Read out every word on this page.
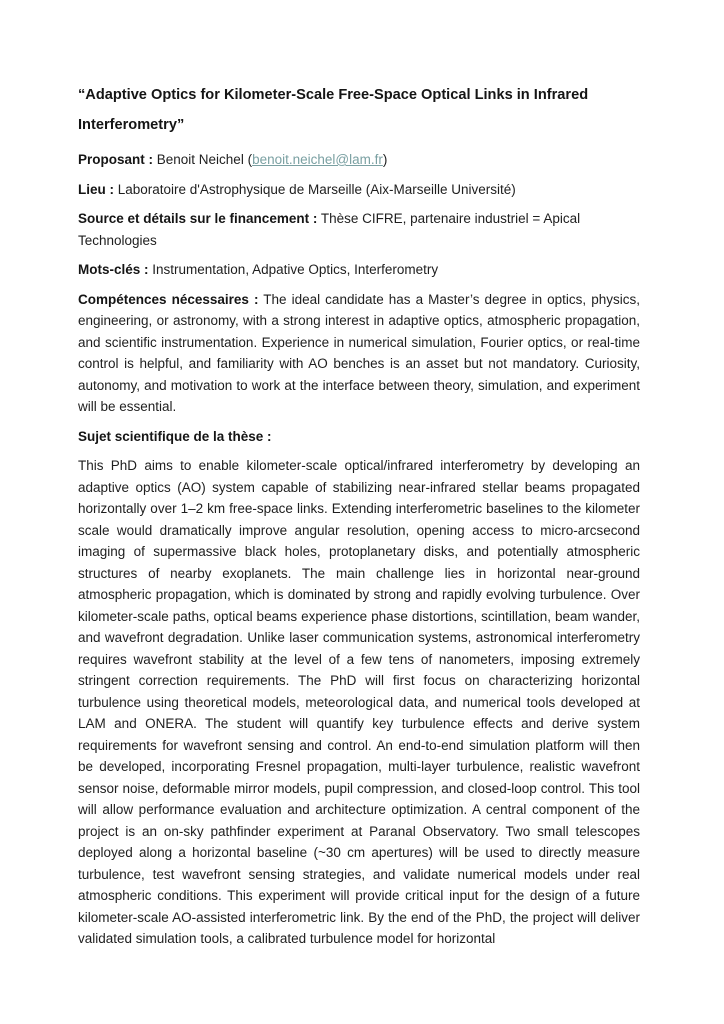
“Adaptive Optics for Kilometer-Scale Free-Space Optical Links in Infrared Interferometry”

Proposant : Benoit Neichel (benoit.neichel@lam.fr)

Lieu : Laboratoire d'Astrophysique de Marseille (Aix-Marseille Université)

Source et détails sur le financement : Thèse CIFRE, partenaire industriel = Apical Technologies

Mots-clés : Instrumentation, Adpative Optics, Interferometry

Compétences nécessaires : The ideal candidate has a Master’s degree in optics, physics, engineering, or astronomy, with a strong interest in adaptive optics, atmospheric propagation, and scientific instrumentation. Experience in numerical simulation, Fourier optics, or real-time control is helpful, and familiarity with AO benches is an asset but not mandatory. Curiosity, autonomy, and motivation to work at the interface between theory, simulation, and experiment will be essential.

Sujet scientifique de la thèse :

This PhD aims to enable kilometer-scale optical/infrared interferometry by developing an adaptive optics (AO) system capable of stabilizing near-infrared stellar beams propagated horizontally over 1–2 km free-space links. Extending interferometric baselines to the kilometer scale would dramatically improve angular resolution, opening access to micro-arcsecond imaging of supermassive black holes, protoplanetary disks, and potentially atmospheric structures of nearby exoplanets. The main challenge lies in horizontal near-ground atmospheric propagation, which is dominated by strong and rapidly evolving turbulence. Over kilometer-scale paths, optical beams experience phase distortions, scintillation, beam wander, and wavefront degradation. Unlike laser communication systems, astronomical interferometry requires wavefront stability at the level of a few tens of nanometers, imposing extremely stringent correction requirements. The PhD will first focus on characterizing horizontal turbulence using theoretical models, meteorological data, and numerical tools developed at LAM and ONERA. The student will quantify key turbulence effects and derive system requirements for wavefront sensing and control. An end-to-end simulation platform will then be developed, incorporating Fresnel propagation, multi-layer turbulence, realistic wavefront sensor noise, deformable mirror models, pupil compression, and closed-loop control. This tool will allow performance evaluation and architecture optimization. A central component of the project is an on-sky pathfinder experiment at Paranal Observatory. Two small telescopes deployed along a horizontal baseline (~30 cm apertures) will be used to directly measure turbulence, test wavefront sensing strategies, and validate numerical models under real atmospheric conditions. This experiment will provide critical input for the design of a future kilometer-scale AO-assisted interferometric link. By the end of the PhD, the project will deliver validated simulation tools, a calibrated turbulence model for horizontal
